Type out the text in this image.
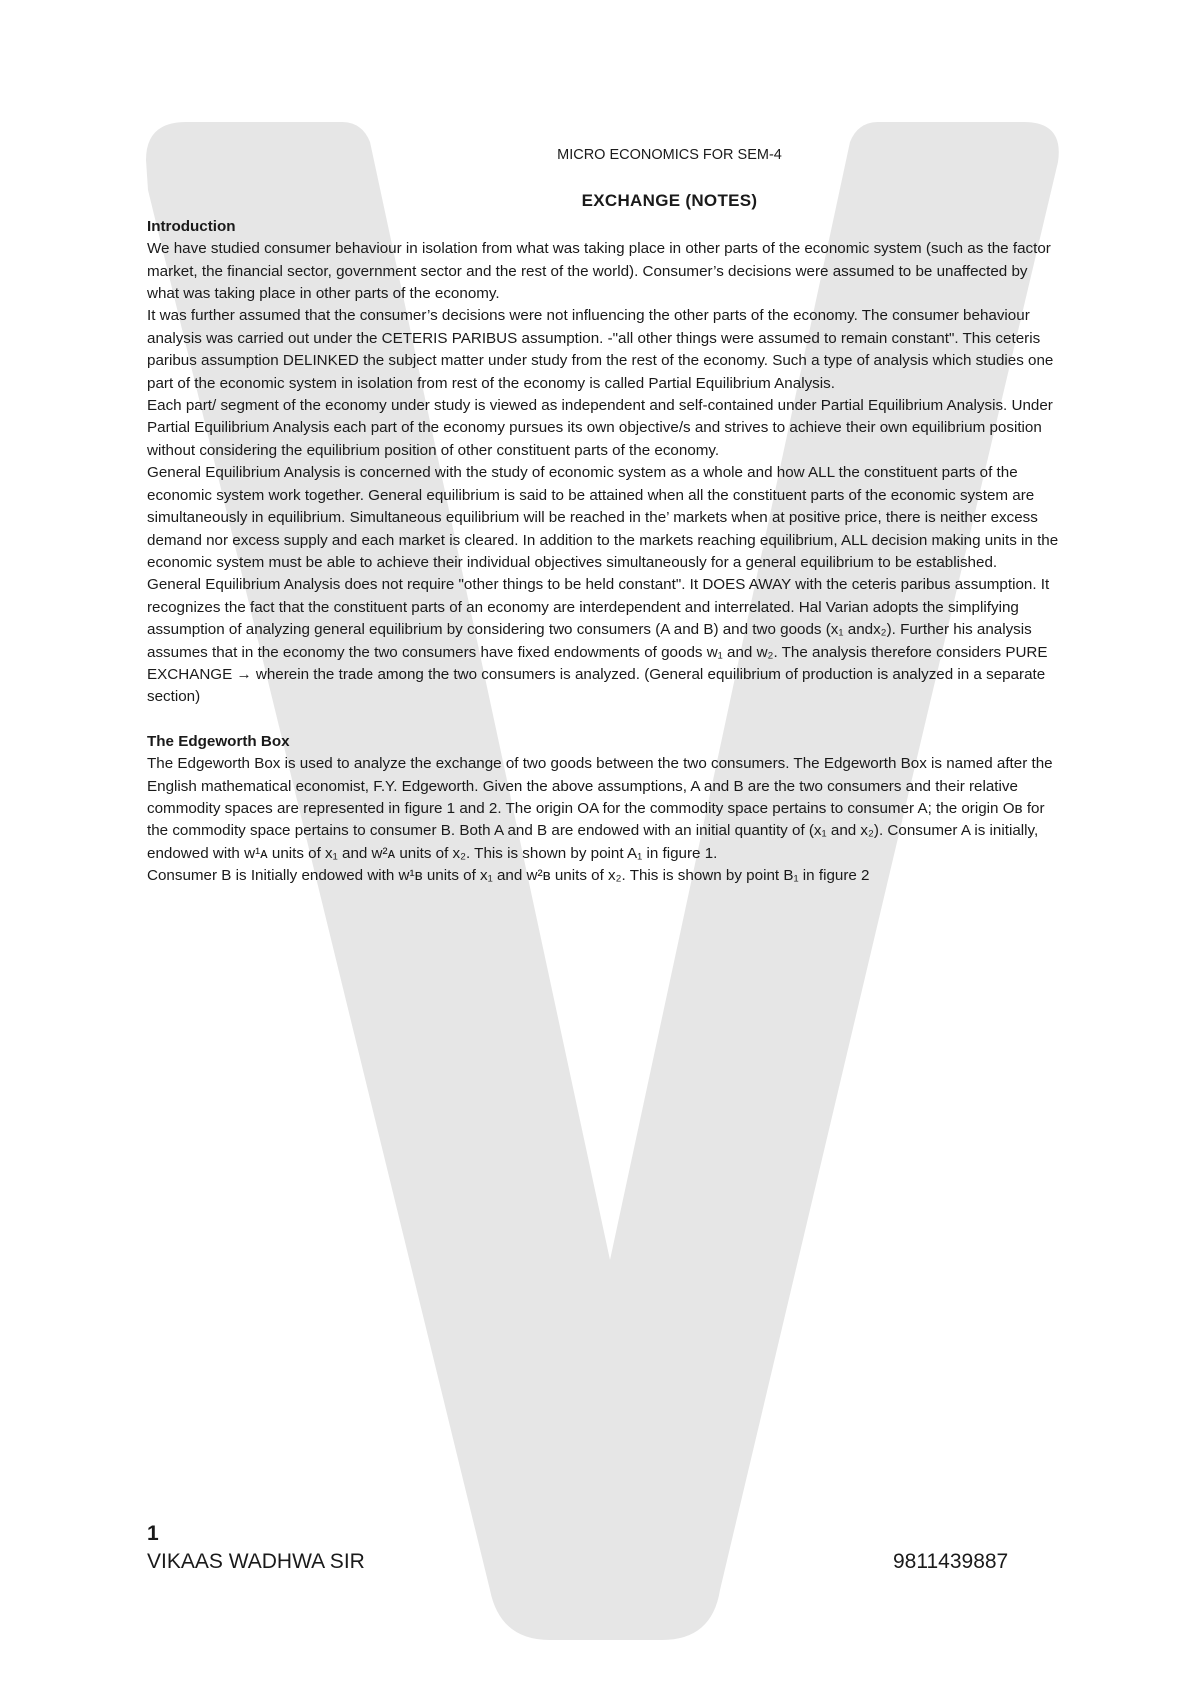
MICRO ECONOMICS FOR SEM-4

EXCHANGE (NOTES)

Introduction

We have studied consumer behaviour in isolation from what was taking place in other parts of the economic system (such as the factor market, the financial sector, government sector and the rest of the world). Consumer’s decisions were assumed to be unaffected by what was taking place in other parts of the economy.

It was further assumed that the consumer’s decisions were not influencing the other parts of the economy. The consumer behaviour analysis was carried out under the CETERIS PARIBUS assumption. -"all other things were assumed to remain constant". This ceteris paribus assumption DELINKED the subject matter under study from the rest of the economy. Such a type of analysis which studies one part of the economic system in isolation from rest of the economy is called Partial Equilibrium Analysis.

Each part/ segment of the economy under study is viewed as independent and self-contained under Partial Equilibrium Analysis. Under Partial Equilibrium Analysis each part of the economy pursues its own objective/s and strives to achieve their own equilibrium position without considering the equilibrium position of other constituent parts of the economy.

General Equilibrium Analysis is concerned with the study of economic system as a whole and how ALL the constituent parts of the economic system work together. General equilibrium is said to be attained when all the constituent parts of the economic system are simultaneously in equilibrium. Simultaneous equilibrium will be reached in the’ markets when at positive price, there is neither excess demand nor excess supply and each market is cleared. In addition to the markets reaching equilibrium, ALL decision making units in the economic system must be able to achieve their individual objectives simultaneously for a general equilibrium to be established.

General Equilibrium Analysis does not require "other things to be held constant". It DOES AWAY with the ceteris paribus assumption. It recognizes the fact that the constituent parts of an economy are interdependent and interrelated. Hal Varian adopts the simplifying assumption of analyzing general equilibrium by considering two consumers (A and B) and two goods (x₁ andx₂). Further his analysis assumes that in the economy the two consumers have fixed endowments of goods w₁ and w₂. The analysis therefore considers PURE EXCHANGE → wherein the trade among the two consumers is analyzed. (General equilibrium of production is analyzed in a separate section)

The Edgeworth Box

The Edgeworth Box is used to analyze the exchange of two goods between the two consumers. The Edgeworth Box is named after the English mathematical economist, F.Y. Edgeworth. Given the above assumptions, A and B are the two consumers and their relative commodity spaces are represented in figure 1 and 2. The origin OA for the commodity space pertains to consumer A; the origin Oʙ for the commodity space pertains to consumer B. Both A and B are endowed with an initial quantity of (x₁ and x₂). Consumer A is initially, endowed with w¹ᴀ units of x₁ and w²ᴀ units of x₂. This is shown by point A₁ in figure 1.

Consumer B is Initially endowed with w¹ʙ units of x₁ and w²ʙ units of x₂. This is shown by point B₁ in figure 2

1
VIKAAS WADHWA SIR	9811439887
